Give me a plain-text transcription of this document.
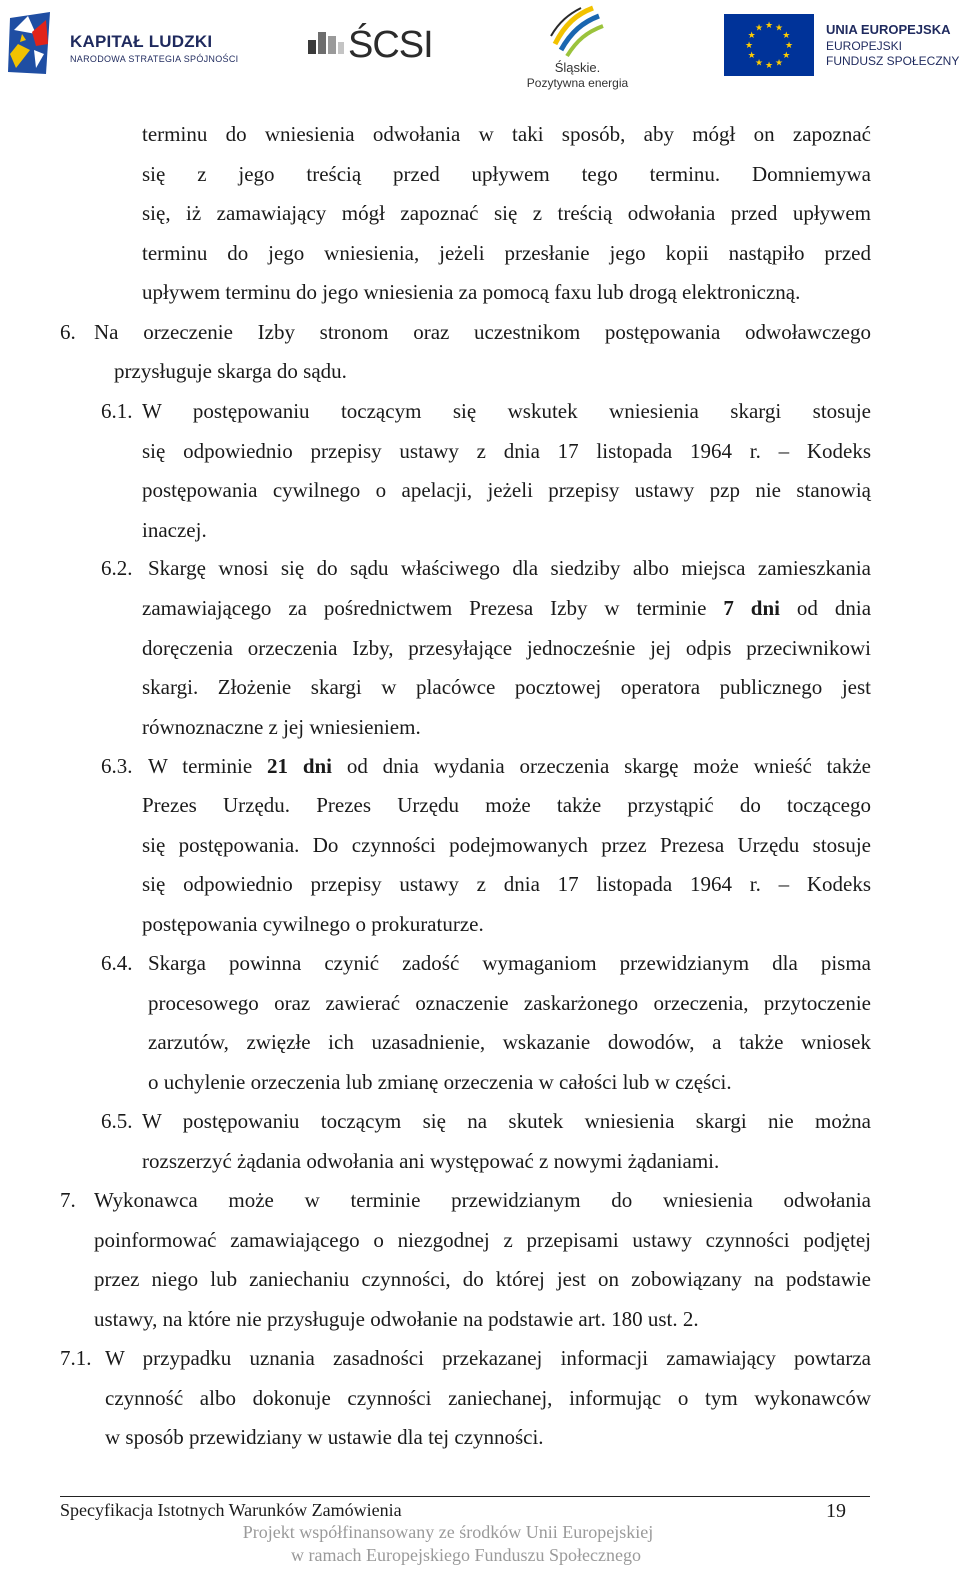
KAPITAŁ LUDZKI
NARODOWA STRATEGIA SPÓJNOŚCI	ŚCSI
Śląskie.
Pozytywna energia
★
★
★
★
★
★
★
★
★ ★ ★
★	UNIA EUROPEJSKA
EUROPEJSKI
FUNDUSZ SPOŁECZNY
terminu do wniesienia odwołania w taki sposób, aby mógł on zapoznać
się z jego treścią przed upływem tego terminu. Domniemywa
się, iż zamawiający mógł zapoznać się z treścią odwołania przed upływem
terminu do jego wniesienia, jeżeli przesłanie jego kopii nastąpiło przed
upływem terminu do jego wniesienia za pomocą faxu lub drogą elektroniczną.
6. Na orzeczenie Izby stronom oraz uczestnikom postępowania odwoławczego
przysługuje skarga do sądu.
6.1. W postępowaniu toczącym się wskutek wniesienia skargi stosuje
się odpowiednio przepisy ustawy z dnia 17 listopada 1964 r. – Kodeks
postępowania cywilnego o apelacji, jeżeli przepisy ustawy pzp nie stanowią
inaczej.
6.2. Skargę wnosi się do sądu właściwego dla siedziby albo miejsca zamieszkania
zamawiającego za pośrednictwem Prezesa Izby w terminie 7 dni od dnia
doręczenia orzeczenia Izby, przesyłające jednocześnie jej odpis przeciwnikowi
skargi. Złożenie skargi w placówce pocztowej operatora publicznego jest
równoznaczne z jej wniesieniem.
6.3. W terminie 21 dni od dnia wydania orzeczenia skargę może wnieść także
Prezes Urzędu. Prezes Urzędu może także przystąpić do toczącego
się postępowania. Do czynności podejmowanych przez Prezesa Urzędu stosuje
się odpowiednio przepisy ustawy z dnia 17 listopada 1964 r. – Kodeks
postępowania cywilnego o prokuraturze.
6.4. Skarga powinna czynić zadość wymaganiom przewidzianym dla pisma
procesowego oraz zawierać oznaczenie zaskarżonego orzeczenia, przytoczenie
zarzutów, zwięzłe ich uzasadnienie, wskazanie dowodów, a także wniosek
o uchylenie orzeczenia lub zmianę orzeczenia w całości lub w części.
6.5. W postępowaniu toczącym się na skutek wniesienia skargi nie można
rozszerzyć żądania odwołania ani występować z nowymi żądaniami.
7. Wykonawca może w terminie przewidzianym do wniesienia odwołania
poinformować zamawiającego o niezgodnej z przepisami ustawy czynności podjętej
przez niego lub zaniechaniu czynności, do której jest on zobowiązany na podstawie
ustawy, na które nie przysługuje odwołanie na podstawie art. 180 ust. 2.
7.1. W przypadku uznania zasadności przekazanej informacji zamawiający powtarza
czynność albo dokonuje czynności zaniechanej, informując o tym wykonawców
w sposób przewidziany w ustawie dla tej czynności.
Specyfikacja Istotnych Warunków Zamówienia	19
Projekt współfinansowany ze środków Unii Europejskiej
w ramach Europejskiego Funduszu Społecznego
